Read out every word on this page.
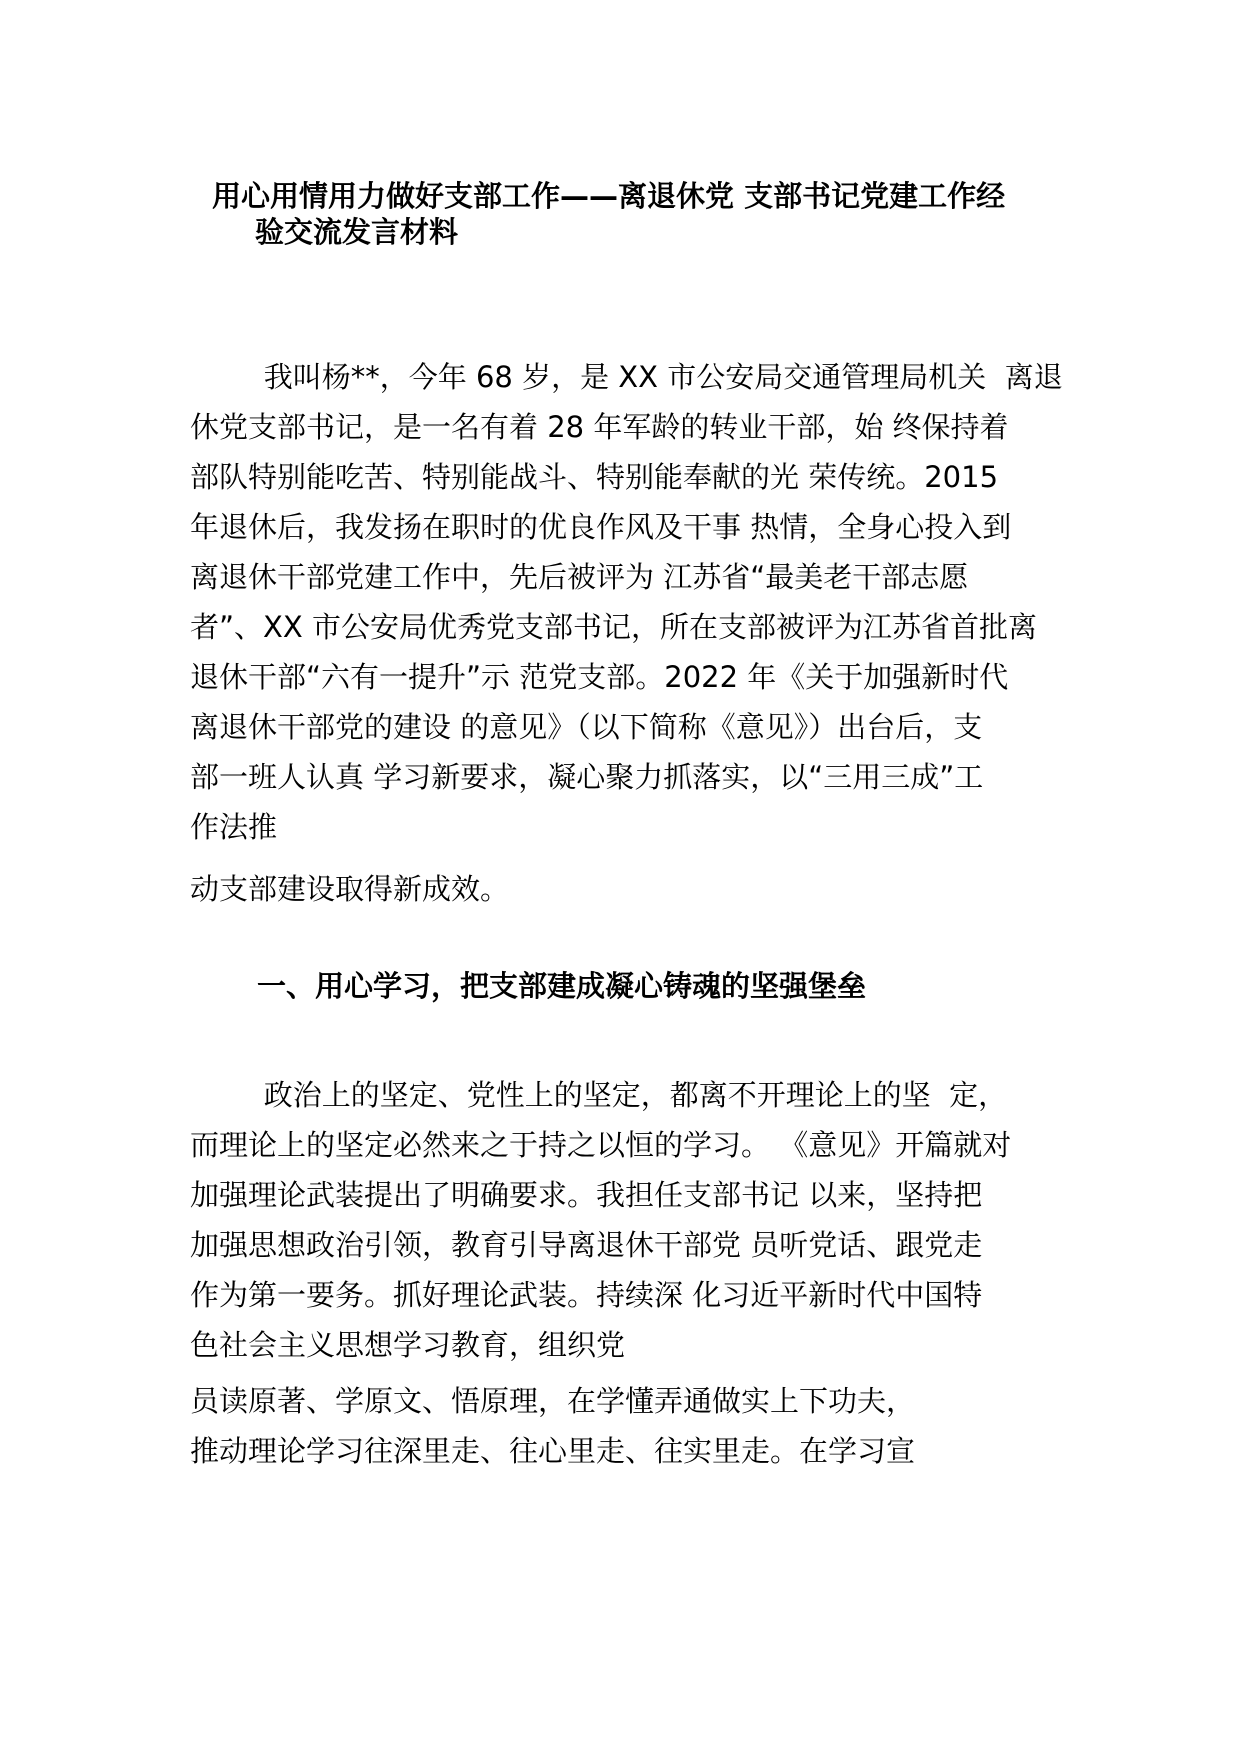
用心用情用力做好支部工作——离退休党 支部书记党建工作经
验交流发言材料
我叫杨**，今年 68 岁，是 XX 市公安局交通管理局机关  离退
休党支部书记，是一名有着 28 年军龄的转业干部，始 终保持着
部队特别能吃苦、特别能战斗、特别能奉献的光 荣传统。2015
年退休后，我发扬在职时的优良作风及干事 热情，全身心投入到
离退休干部党建工作中，先后被评为 江苏省“最美老干部志愿
者”、XX 市公安局优秀党支部书记，所在支部被评为江苏省首批离
退休干部“六有一提升”示 范党支部。2022 年《关于加强新时代
离退休干部党的建设 的意见》（以下简称《意见》）出台后，支
部一班人认真 学习新要求，凝心聚力抓落实，以“三用三成”工
作法推
动支部建设取得新成效。
一、用心学习，把支部建成凝心铸魂的坚强堡垒
政治上的坚定、党性上的坚定，都离不开理论上的坚  定，
而理论上的坚定必然来之于持之以恒的学习。 《意见》开篇就对
加强理论武装提出了明确要求。我担任支部书记 以来，坚持把
加强思想政治引领，教育引导离退休干部党 员听党话、跟党走
作为第一要务。抓好理论武装。持续深 化习近平新时代中国特
色社会主义思想学习教育，组织党
员读原著、学原文、悟原理，在学懂弄通做实上下功夫，
推动理论学习往深里走、往心里走、往实里走。在学习宣
